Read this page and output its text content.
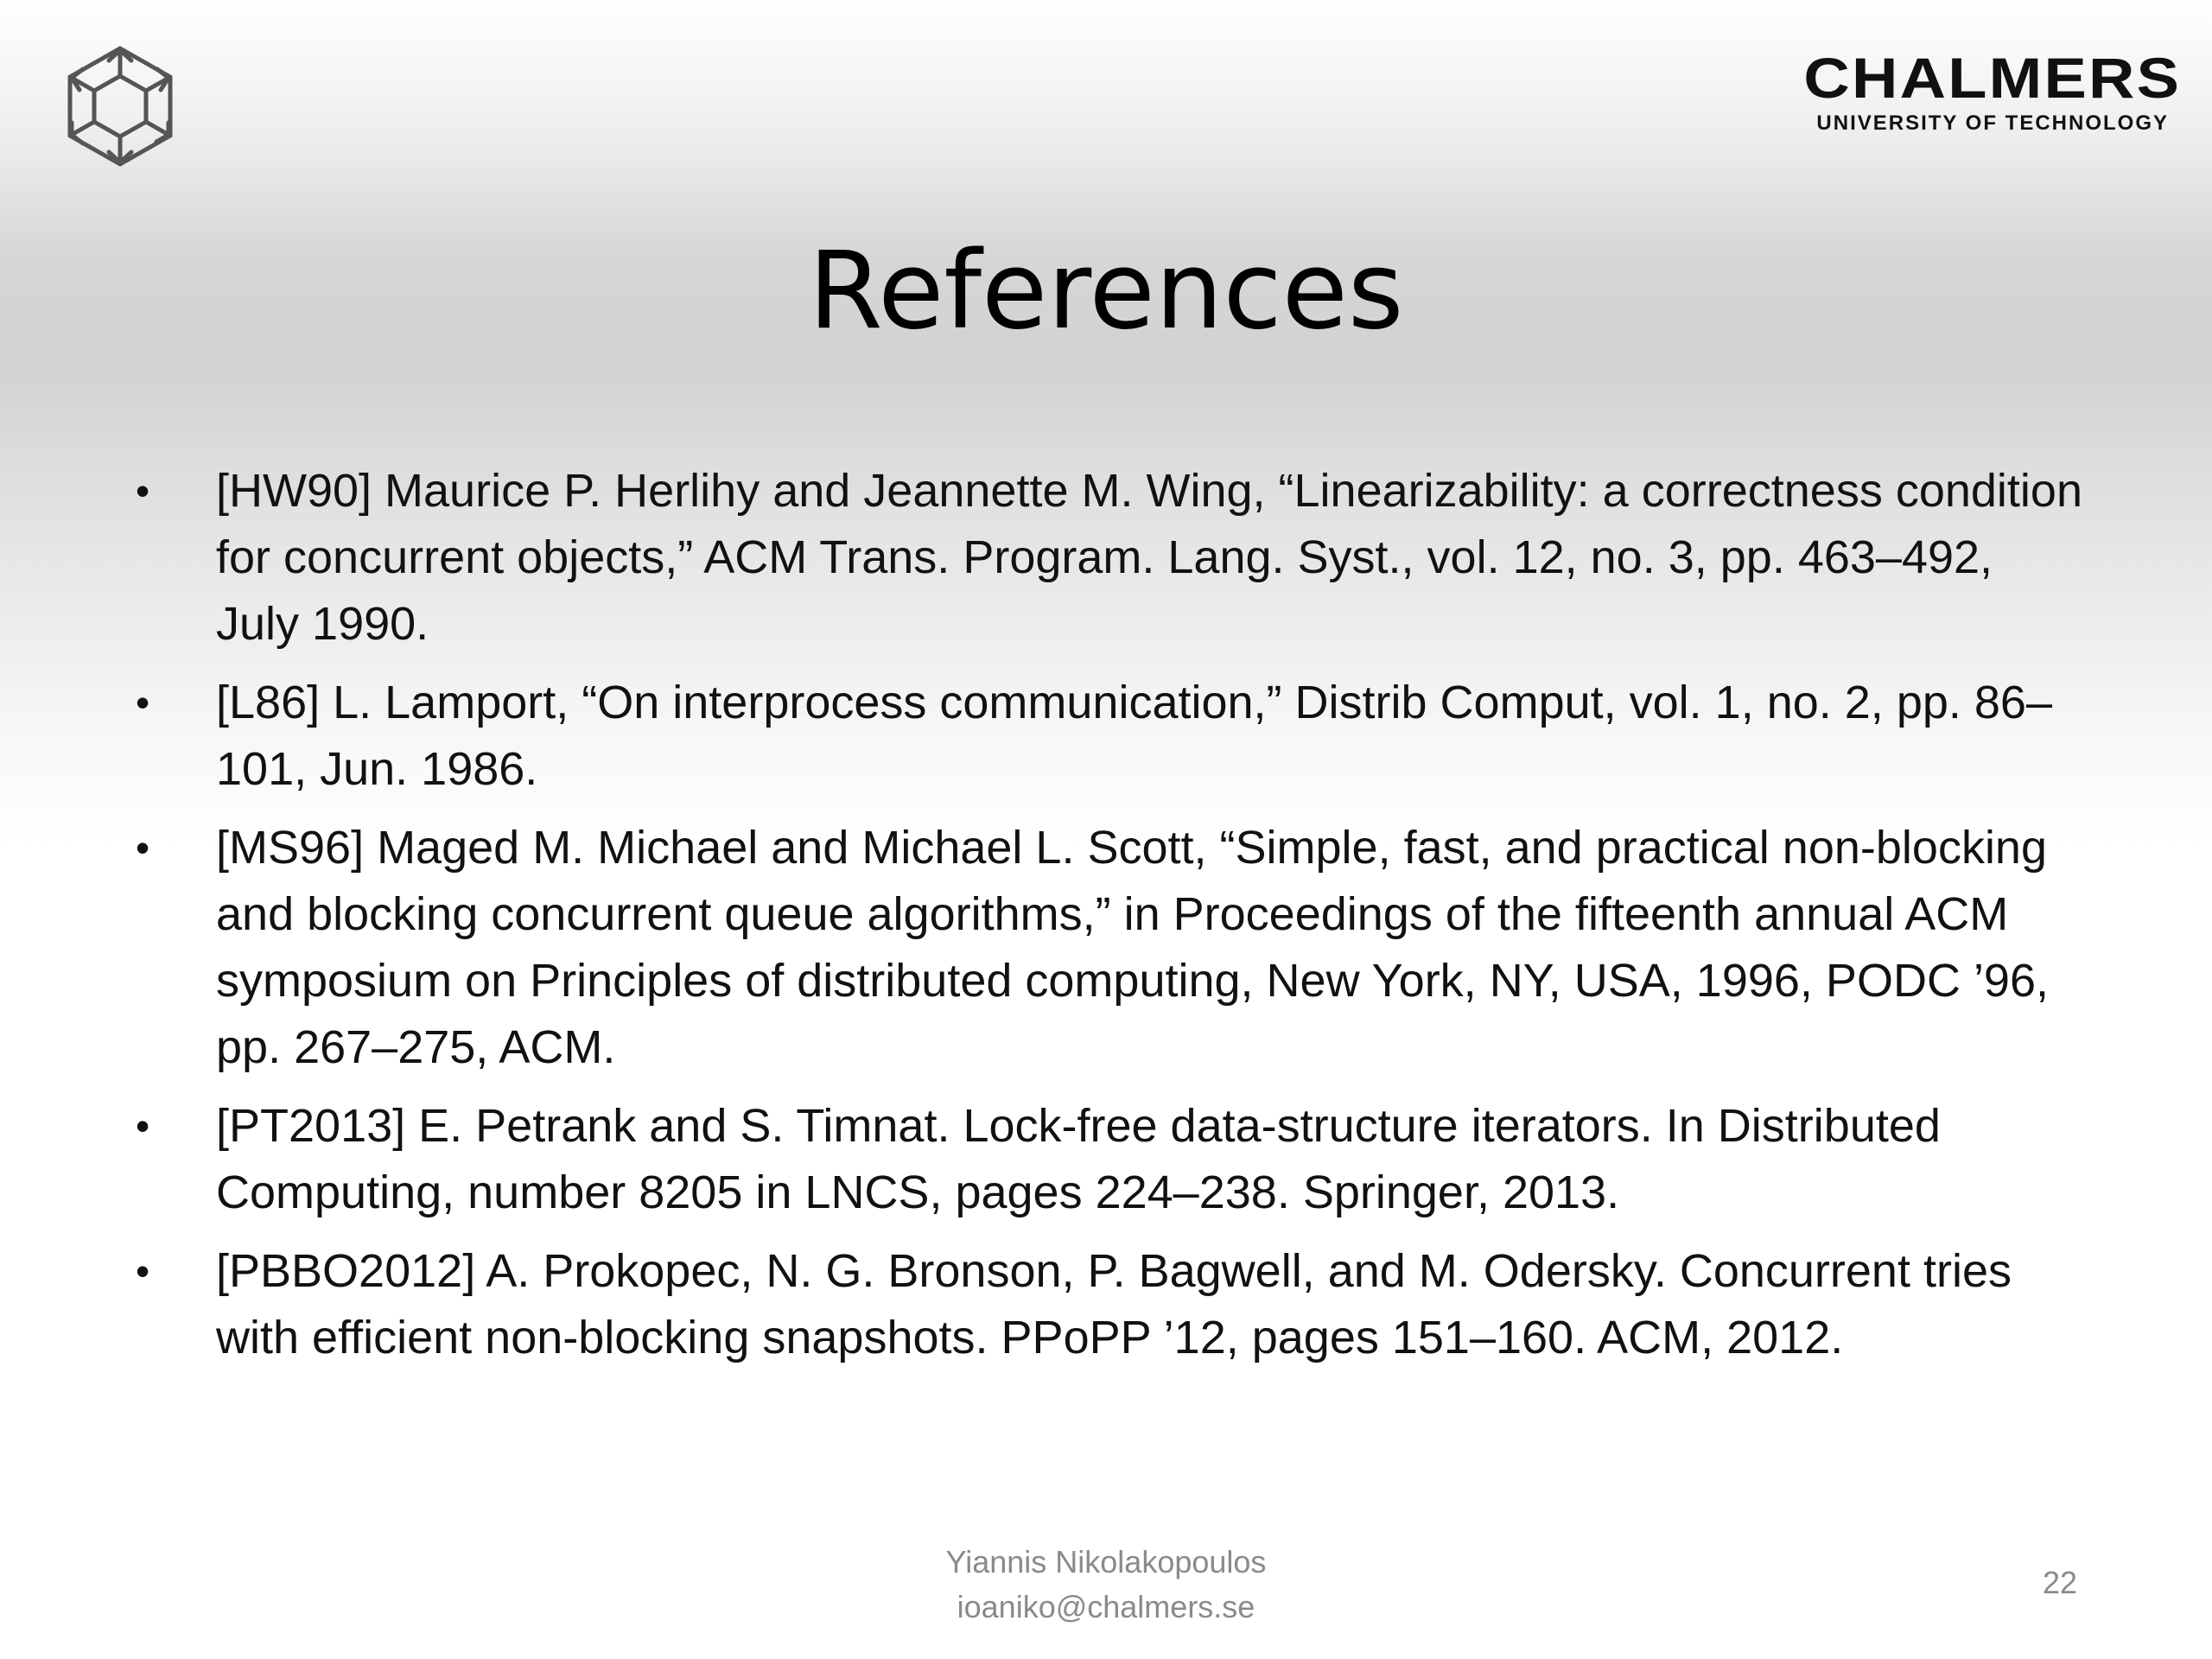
CHALMERS
UNIVERSITY OF TECHNOLOGY
References
• [HW90] Maurice P. Herlihy and Jeannette M. Wing, “Linearizability: a correctness condition for concurrent objects,” ACM Trans. Program. Lang. Syst., vol. 12, no. 3, pp. 463–492, July 1990.
• [L86] L. Lamport, “On interprocess communication,” Distrib Comput, vol. 1, no. 2, pp. 86–101, Jun. 1986.
• [MS96] Maged M. Michael and Michael L. Scott, “Simple, fast, and practical non-blocking and blocking concurrent queue algorithms,” in Proceedings of the fifteenth annual ACM symposium on Principles of distributed computing, New York, NY, USA, 1996, PODC ’96, pp. 267–275, ACM.
• [PT2013] E. Petrank and S. Timnat. Lock-free data-structure iterators. In Distributed Computing, number 8205 in LNCS, pages 224–238. Springer, 2013.
• [PBBO2012] A. Prokopec, N. G. Bronson, P. Bagwell, and M. Odersky. Concurrent tries with efficient non-blocking snapshots. PPoPP ’12, pages 151–160. ACM, 2012.
Yiannis Nikolakopoulos
ioaniko@chalmers.se
22
